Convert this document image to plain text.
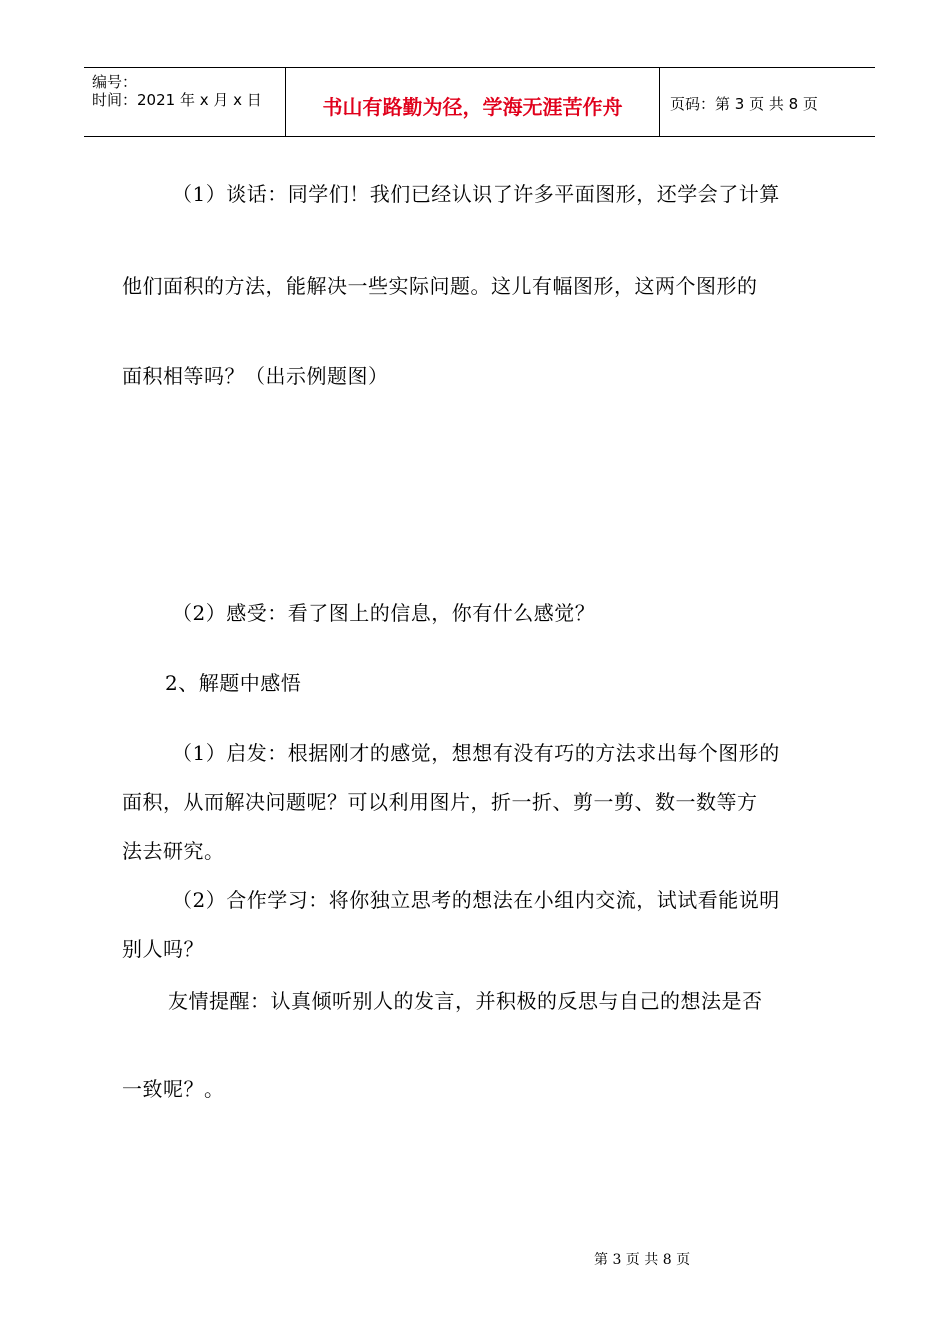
编号：
时间：2021 年 x 月 x 日	书山有路勤为径，学海无涯苦作舟	页码：第 3 页 共 8 页
（1）谈话：同学们！我们已经认识了许多平面图形，还学会了计算
他们面积的方法，能解决一些实际问题。这儿有幅图形，这两个图形的
面积相等吗？（出示例题图）
（2）感受：看了图上的信息，你有什么感觉？
2、解题中感悟
（1）启发：根据刚才的感觉，想想有没有巧的方法求出每个图形的
面积，从而解决问题呢？可以利用图片，折一折、剪一剪、数一数等方
法去研究。
（2）合作学习：将你独立思考的想法在小组内交流，试试看能说明
别人吗？
友情提醒：认真倾听别人的发言，并积极的反思与自己的想法是否
一致呢？。
第 3 页 共 8 页
